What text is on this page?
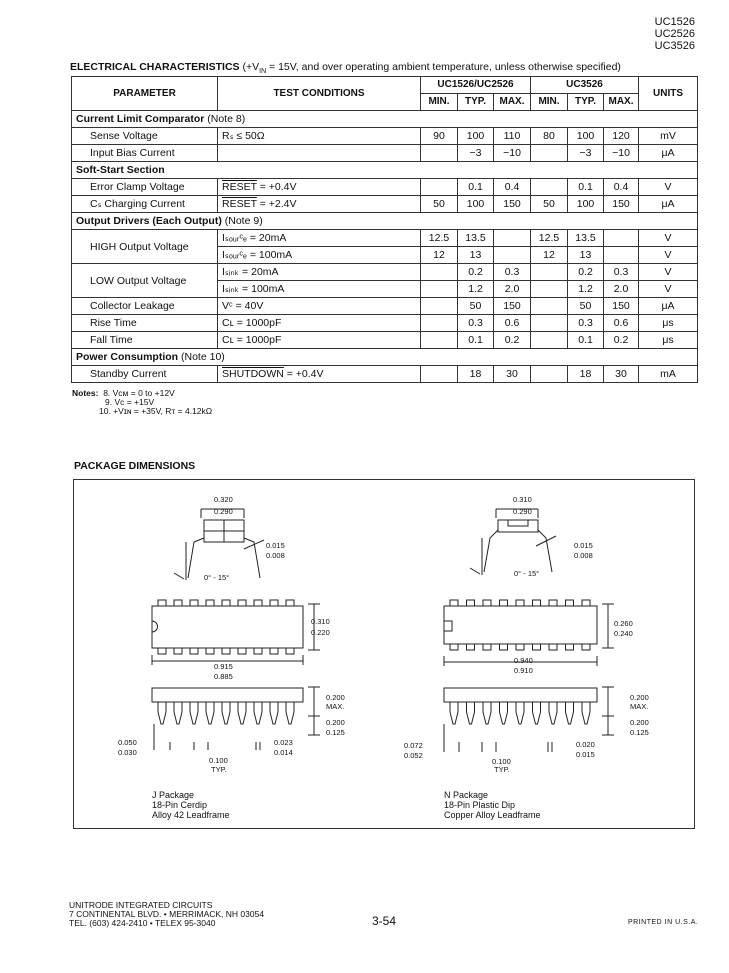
UC1526
UC2526
UC3526
ELECTRICAL CHARACTERISTICS ($+V_{IN} = 15V$, and over operating ambient temperature, unless otherwise specified)
PARAMETER	TEST CONDITIONS	UC1526/UC2526			UC3526			UNITS
		MIN.	TYP.	MAX.	MIN.	TYP.	MAX.	
Current Limit Comparator (Note 8)								
Sense Voltage	Rₛ ≤ 50Ω	90	100	110	80	100	120	mV
Input Bias Current			−3	−10		−3	−10	μA
Soft-Start Section								
Error Clamp Voltage	RESET = +0.4V		0.1	0.4		0.1	0.4	V
Cₛ Charging Current	RESET = +2.4V	50	100	150	50	100	150	μA
Output Drivers (Each Output) (Note 9)								
HIGH Output Voltage	Iₛₒᵤᵣᶜₑ = 20mA	12.5	13.5		12.5	13.5		V
	Iₛₒᵤᵣᶜₑ = 100mA	12	13		12	13		V
LOW Output Voltage	Iₛᵢₙₖ = 20mA		0.2	0.3		0.2	0.3	V
	Iₛᵢₙₖ = 100mA		1.2	2.0		1.2	2.0	V
Collector Leakage	Vᶜ = 40V		50	150		50	150	μA
Rise Time	Cʟ = 1000pF		0.3	0.6		0.3	0.6	μs
Fall Time	Cʟ = 1000pF		0.1	0.2		0.1	0.2	μs
Power Consumption (Note 10)								
Standby Current	SHUTDOWN = +0.4V		18	30		18	30	mA
Notes: 8. Vᴄᴍ = 0 to +12V
9. Vᴄ = +15V
10. +Vɪɴ = +35V, Rᴛ = 4.12kΩ
PACKAGE DIMENSIONS
0.320
0.290
0.015
0.008
0° - 15°
0.310
0.220
0.915
0.885
0.200
MAX.
0.200
0.125
0.050
0.030
0.023
0.014
0.100
TYP.
0.310
0.290
0.015
0.008
0° - 15°
0.260
0.240
0.940
0.910
0.200
MAX.
0.200
0.125
0.072
0.052
0.020
0.015
0.100
TYP.
J Package
18-Pin Cerdip
Alloy 42 Leadframe
N Package
18-Pin Plastic Dip
Copper Alloy Leadframe
UNITRODE INTEGRATED CIRCUITS
7 CONTINENTAL BLVD. • MERRIMACK, NH 03054
TEL. (603) 424-2410 • TELEX 95-3040	3-54	PRINTED IN U.S.A.
